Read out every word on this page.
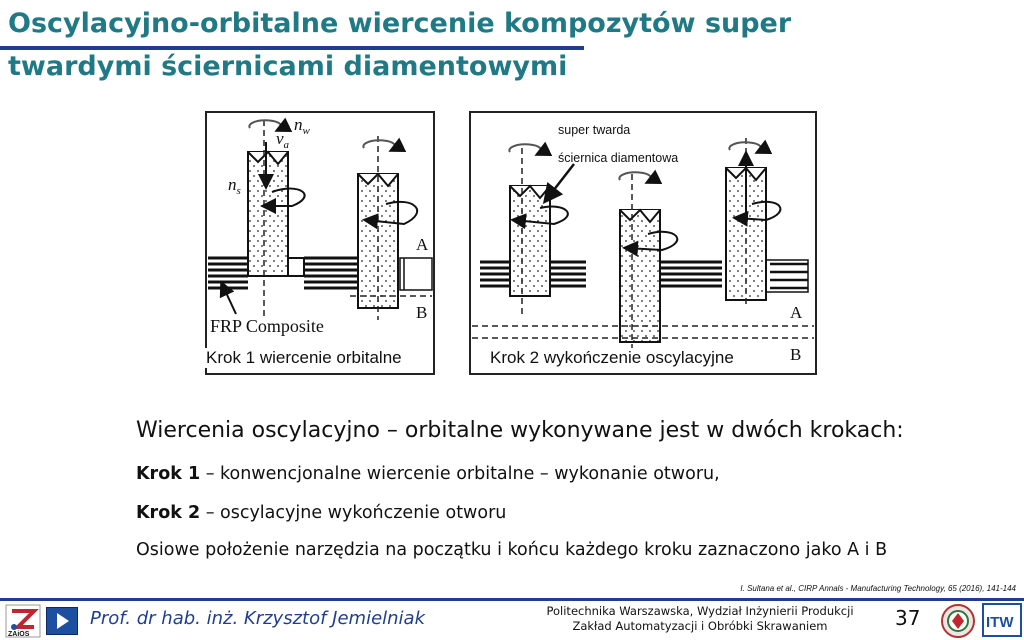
Oscylacyjno-orbitalne wiercenie kompozytów super
twardymi ściernicami diamentowymi
$n_w$
$v_a$
$n_s$
A
B
FRP Composite
A
B
super twarda
ściernica diamentowa
Krok 1 wiercenie orbitalne	Krok 2 wykończenie oscylacyjne
Wiercenia oscylacyjno – orbitalne wykonywane jest w dwóch krokach:
Krok 1 – konwencjonalne wiercenie orbitalne – wykonanie otworu,
Krok 2 – oscylacyjne wykończenie otworu
Osiowe położenie narzędzia na początku i końcu każdego kroku zaznaczono jako A i B
I. Sultana et al., CIRP Annals - Manufacturing Technology, 65 (2016), 141-144
ZAiOS
Prof. dr hab. inż. Krzysztof Jemielniak	Politechnika Warszawska, Wydział Inżynierii Produkcji
Zakład Automatyzacji i Obróbki Skrawaniem	37	ITW
